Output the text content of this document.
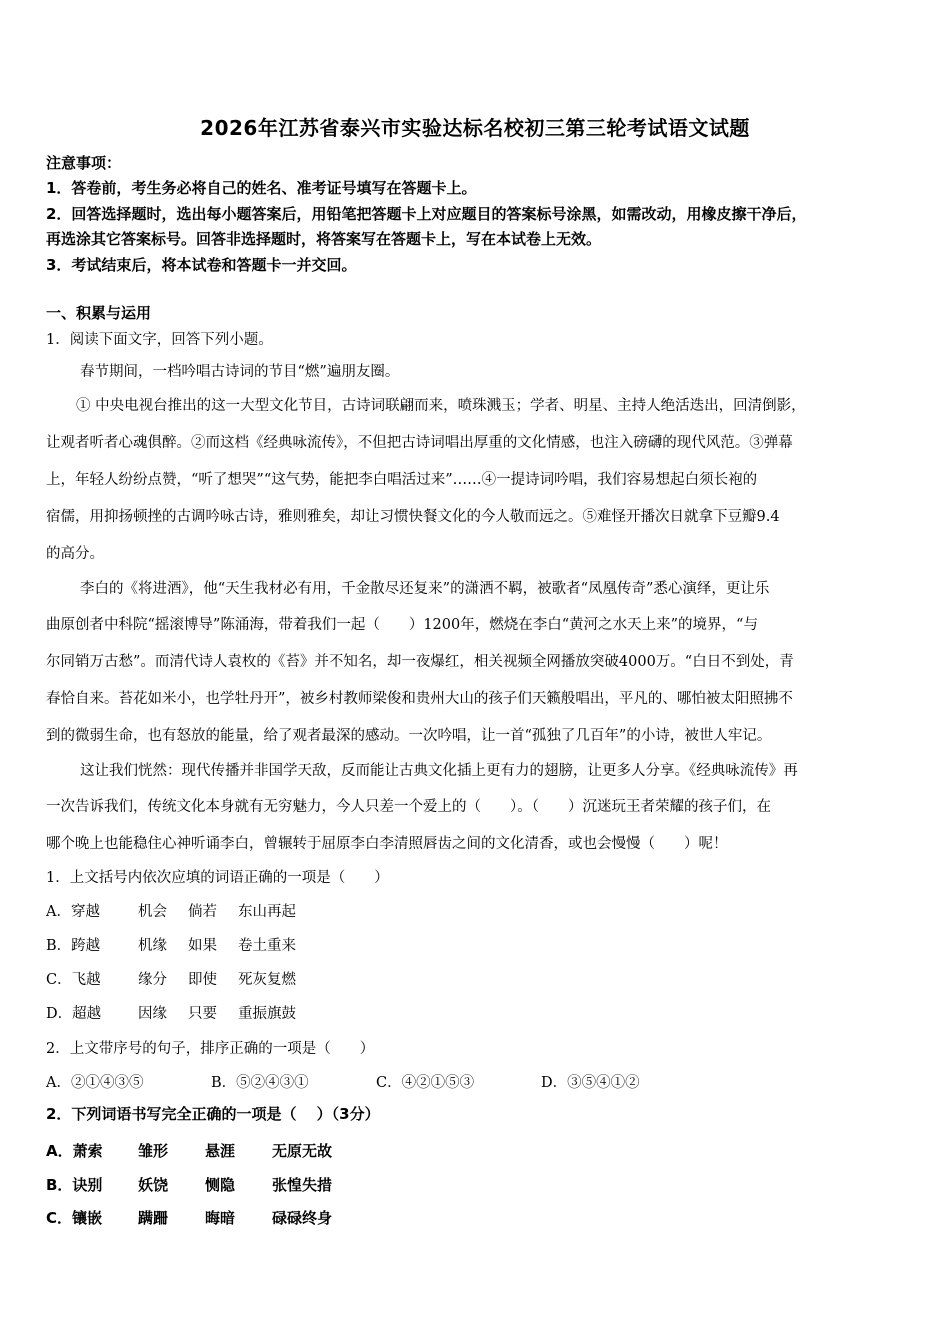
2026年江苏省泰兴市实验达标名校初三第三轮考试语文试题
注意事项：
1．答卷前，考生务必将自己的姓名、准考证号填写在答题卡上。
2．回答选择题时，选出每小题答案后，用铅笔把答题卡上对应题目的答案标号涂黑，如需改动，用橡皮擦干净后，
再选涂其它答案标号。回答非选择题时，将答案写在答题卡上，写在本试卷上无效。
3．考试结束后，将本试卷和答题卡一并交回。
一、积累与运用
1．阅读下面文字，回答下列小题。
春节期间，一档吟唱古诗词的节目“燃”遍朋友圈。
① 中央电视台推出的这一大型文化节目，古诗词联翩而来，喷珠溅玉；学者、明星、主持人绝活迭出，回清倒影，
让观者听者心魂俱醉。②而这档《经典咏流传》，不但把古诗词唱出厚重的文化情感，也注入磅礴的现代风范。③弹幕
上，年轻人纷纷点赞，“听了想哭”“这气势，能把李白唱活过来”……④一提诗词吟唱，我们容易想起白须长袍的
宿儒，用抑扬顿挫的古调吟咏古诗，雅则雅矣，却让习惯快餐文化的今人敬而远之。⑤难怪开播次日就拿下豆瓣9.4
的高分。
李白的《将进酒》，他“天生我材必有用，千金散尽还复来”的潇洒不羁，被歌者“凤凰传奇”悉心演绎，更让乐
曲原创者中科院“摇滚博导”陈涌海，带着我们一起（　　）1200年，燃烧在李白“黄河之水天上来”的境界，“与
尔同销万古愁”。而清代诗人袁枚的《苔》并不知名，却一夜爆红，相关视频全网播放突破4000万。“白日不到处，青
春恰自来。苔花如米小，也学牡丹开”，被乡村教师梁俊和贵州大山的孩子们天籁般唱出，平凡的、哪怕被太阳照拂不
到的微弱生命，也有怒放的能量，给了观者最深的感动。一次吟唱，让一首“孤独了几百年”的小诗，被世人牢记。
这让我们恍然：现代传播并非国学天敌，反而能让古典文化插上更有力的翅膀，让更多人分享。《经典咏流传》再
一次告诉我们，传统文化本身就有无穷魅力，今人只差一个爱上的（　　）。（　　）沉迷玩王者荣耀的孩子们，在
哪个晚上也能稳住心神听诵李白，曾辗转于屈原李白李清照唇齿之间的文化清香，或也会慢慢（　　）呢！
1．上文括号内依次应填的词语正确的一项是（　　）
A．穿越	机会 倘若 东山再起
B．跨越	机缘 如果 卷土重来
C．飞越	缘分 即使 死灰复燃
D．超越	因缘 只要 重振旗鼓
2．上文带序号的句子，排序正确的一项是（　　）
A．②①④③⑤	B．⑤②④③①	C．④②①⑤③	D．③⑤④①②
2．下列词语书写完全正确的一项是（　 ）（3分）
A．萧索 雏形 悬涯 无原无故
B．诀别 妖饶 恻隐 张惶失措
C．镶嵌 蹒跚 晦暗 碌碌终身
